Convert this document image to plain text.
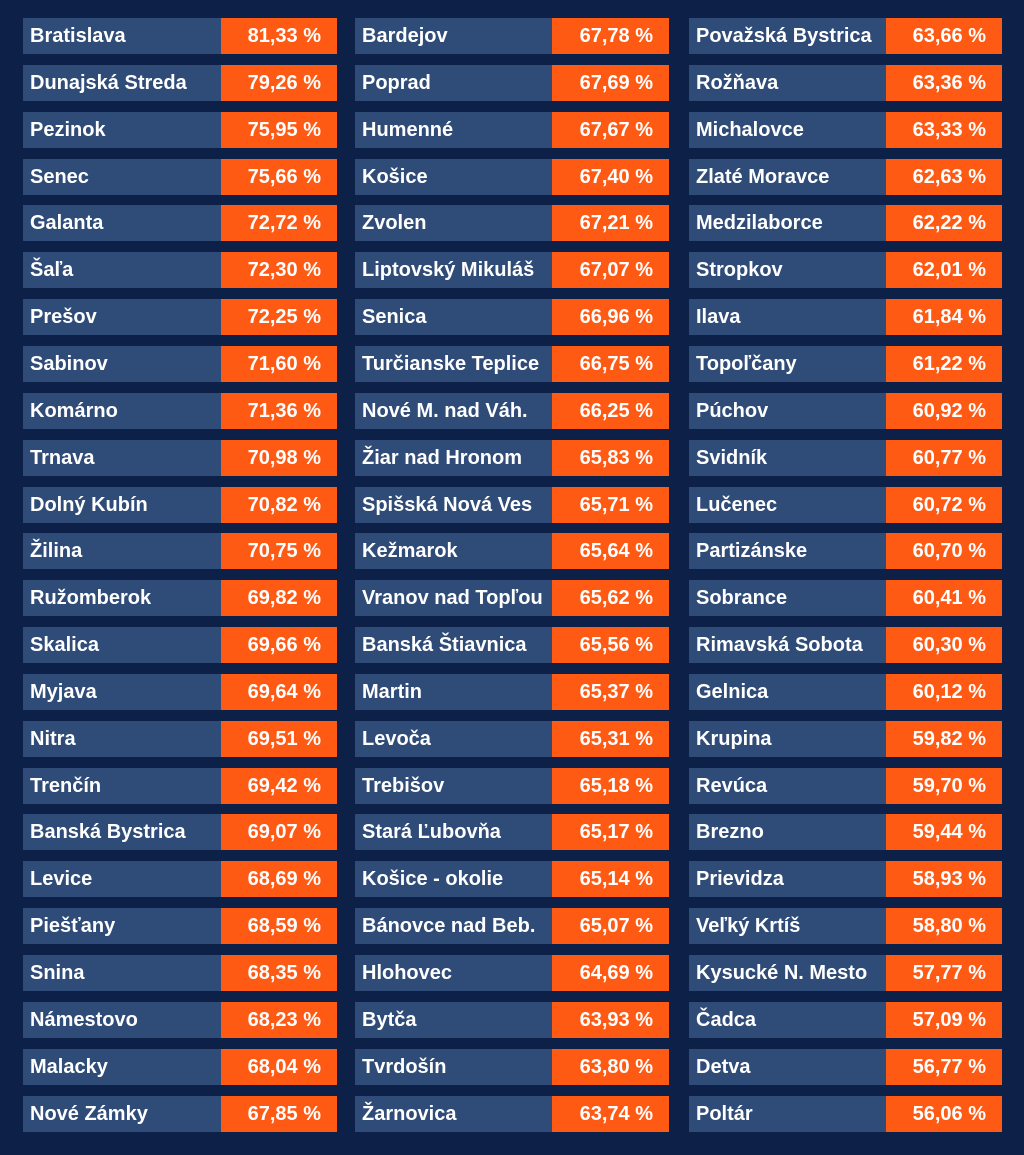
Bratislava	81,33 %
Dunajská Streda	79,26 %
Pezinok	75,95 %
Senec	75,66 %
Galanta	72,72 %
Šaľa	72,30 %
Prešov	72,25 %
Sabinov	71,60 %
Komárno	71,36 %
Trnava	70,98 %
Dolný Kubín	70,82 %
Žilina	70,75 %
Ružomberok	69,82 %
Skalica	69,66 %
Myjava	69,64 %
Nitra	69,51 %
Trenčín	69,42 %
Banská Bystrica	69,07 %
Levice	68,69 %
Piešťany	68,59 %
Snina	68,35 %
Námestovo	68,23 %
Malacky	68,04 %
Nové Zámky	67,85 %
Bardejov	67,78 %
Poprad	67,69 %
Humenné	67,67 %
Košice	67,40 %
Zvolen	67,21 %
Liptovský Mikuláš	67,07 %
Senica	66,96 %
Turčianske Teplice	66,75 %
Nové M. nad Váh.	66,25 %
Žiar nad Hronom	65,83 %
Spišská Nová Ves	65,71 %
Kežmarok	65,64 %
Vranov nad Topľou	65,62 %
Banská Štiavnica	65,56 %
Martin	65,37 %
Levoča	65,31 %
Trebišov	65,18 %
Stará Ľubovňa	65,17 %
Košice - okolie	65,14 %
Bánovce nad Beb.	65,07 %
Hlohovec	64,69 %
Bytča	63,93 %
Tvrdošín	63,80 %
Žarnovica	63,74 %
Považská Bystrica	63,66 %
Rožňava	63,36 %
Michalovce	63,33 %
Zlaté Moravce	62,63 %
Medzilaborce	62,22 %
Stropkov	62,01 %
Ilava	61,84 %
Topoľčany	61,22 %
Púchov	60,92 %
Svidník	60,77 %
Lučenec	60,72 %
Partizánske	60,70 %
Sobrance	60,41 %
Rimavská Sobota	60,30 %
Gelnica	60,12 %
Krupina	59,82 %
Revúca	59,70 %
Brezno	59,44 %
Prievidza	58,93 %
Veľký Krtíš	58,80 %
Kysucké N. Mesto	57,77 %
Čadca	57,09 %
Detva	56,77 %
Poltár	56,06 %
